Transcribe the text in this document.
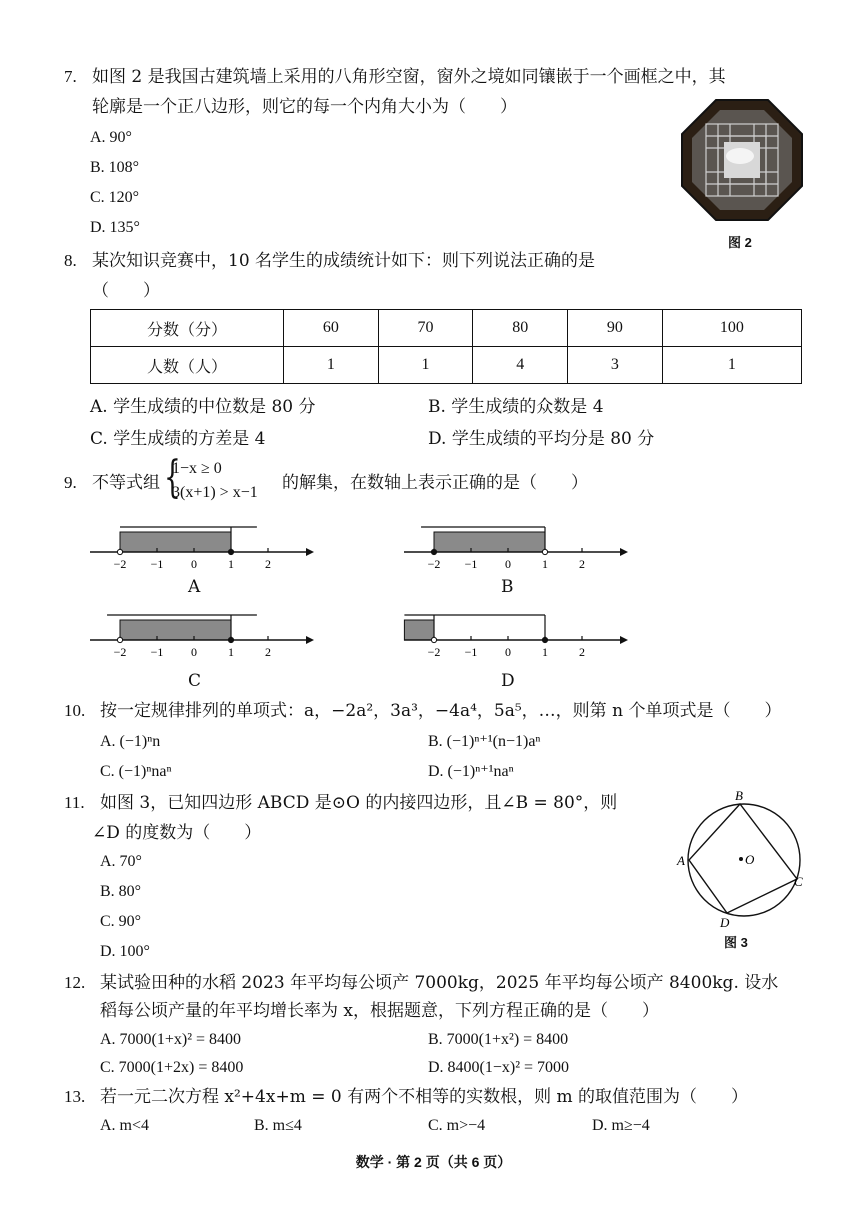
7. 如图 2 是我国古建筑墙上采用的八角形空窗，窗外之境如同镶嵌于一个画框之中，其
轮廓是一个正八边形，则它的每一个内角大小为（　　）
A. 90°
B. 108°
C. 120°
D. 135°
图 2
8. 某次知识竞赛中，10 名学生的成绩统计如下：则下列说法正确的是
（　　）
分数（分）	60	70	80	90	100
人数（人）	1	1	4	3	1
A. 学生成绩的中位数是 80 分	B. 学生成绩的众数是 4
C. 学生成绩的方差是 4	D. 学生成绩的平均分是 80 分
9. 不等式组 {
1−x ≥ 0
3(x+1) > x−1 的解集，在数轴上表示正确的是（　　）
−2 −1 0	1	2	−2 −1 0	1	2
−2 −1 0	1	2	−2 −1 0	1	2
A	B
C	D
10. 按一定规律排列的单项式：a，−2a²，3a³，−4a⁴，5a⁵，…，则第 n 个单项式是（　　）
A. (−1)ⁿn	B. (−1)ⁿ⁺¹(n−1)aⁿ
C. (−1)ⁿnaⁿ	D. (−1)ⁿ⁺¹naⁿ
11. 如图 3，已知四边形 ABCD 是⊙O 的内接四边形，且∠B = 80°，则
∠D 的度数为（　　）
A. 70°
B. 80°
C. 90°
D. 100°
B
A
C
D
O
图 3
12. 某试验田种的水稻 2023 年平均每公顷产 7000kg，2025 年平均每公顷产 8400kg. 设水
稻每公顷产量的年平均增长率为 x，根据题意，下列方程正确的是（　　）
A. 7000(1+x)² = 8400	B. 7000(1+x²) = 8400
C. 7000(1+2x) = 8400	D. 8400(1−x)² = 7000
13. 若一元二次方程 x²+4x+m = 0 有两个不相等的实数根，则 m 的取值范围为（　　）
A. m<4	B. m≤4	C. m>−4	D. m≥−4
数学 · 第 2 页（共 6 页）
